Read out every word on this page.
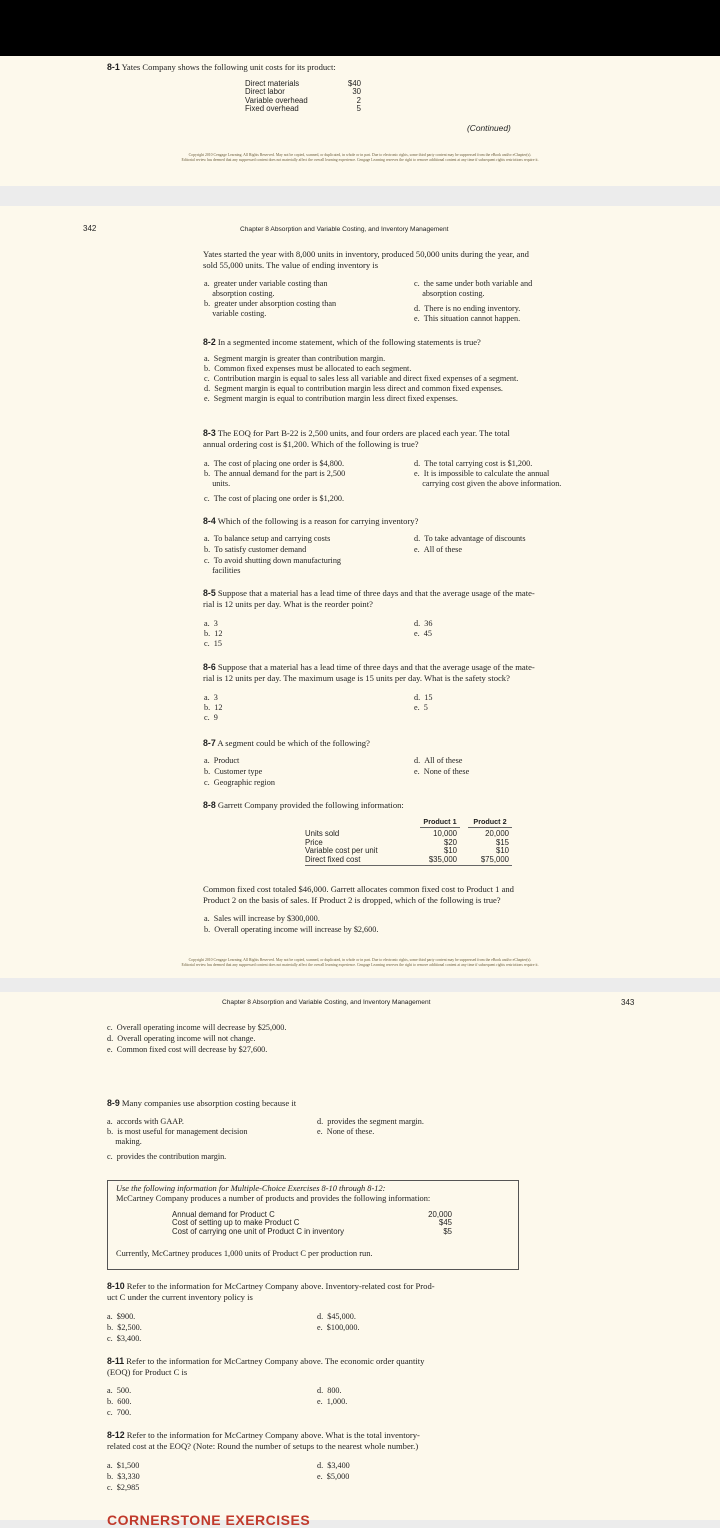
8-1 Yates Company shows the following unit costs for its product:
Direct materials	$40
Direct labor	30
Variable overhead	2
Fixed overhead	5
(Continued)
Copyright 2010 Cengage Learning. All Rights Reserved. May not be copied, scanned, or duplicated, in whole or in part. Due to electronic rights, some third party content may be suppressed from the eBook and/or eChapter(s).
Editorial review has deemed that any suppressed content does not materially affect the overall learning experience. Cengage Learning reserves the right to remove additional content at any time if subsequent rights restrictions require it.
342	Chapter 8 Absorption and Variable Costing, and Inventory Management
Yates started the year with 8,000 units in inventory, produced 50,000 units during the year, and
sold 55,000 units. The value of ending inventory is
a. greater under variable costing than
absorption costing.
b. greater under absorption costing than
variable costing.
c. the same under both variable and
absorption costing.
d. There is no ending inventory.
e. This situation cannot happen.
8-2 In a segmented income statement, which of the following statements is true?
a. Segment margin is greater than contribution margin.
b. Common fixed expenses must be allocated to each segment.
c. Contribution margin is equal to sales less all variable and direct fixed expenses of a segment.
d. Segment margin is equal to contribution margin less direct and common fixed expenses.
e. Segment margin is equal to contribution margin less direct fixed expenses.
8-3 The EOQ for Part B-22 is 2,500 units, and four orders are placed each year. The total
annual ordering cost is $1,200. Which of the following is true?
a.  The cost of placing one order is $4,800.
b.  The annual demand for the part is 2,500
units.
c.  The cost of placing one order is $1,200.
d.  The total carrying cost is $1,200.
e.  It is impossible to calculate the annual
carrying cost given the above information.
8-4 Which of the following is a reason for carrying inventory?
a.  To balance setup and carrying costs
b.  To satisfy customer demand
c.  To avoid shutting down manufacturing
facilities
d.  To take advantage of discounts
e.  All of these
8-5 Suppose that a material has a lead time of three days and that the average usage of the mate-
rial is 12 units per day. What is the reorder point?
a.  3
b.  12
c.  15
d.  36
e.  45
8-6 Suppose that a material has a lead time of three days and that the average usage of the mate-
rial is 12 units per day. The maximum usage is 15 units per day. What is the safety stock?
a.  3
b.  12
c.  9
d.  15
e.  5
8-7 A segment could be which of the following?
a.  Product
b.  Customer type
c.  Geographic region
d.  All of these
e.  None of these
8-8 Garrett Company provided the following information:
Product 1	Product 2
Units sold	10,000	20,000
Price	$20	$15
Variable cost per unit	$10	$10
Direct fixed cost	$35,000	$75,000
Common fixed cost totaled $46,000. Garrett allocates common fixed cost to Product 1 and
Product 2 on the basis of sales. If Product 2 is dropped, which of the following is true?
a.  Sales will increase by $300,000.
b.  Overall operating income will increase by $2,600.
Copyright 2010 Cengage Learning. All Rights Reserved. May not be copied, scanned, or duplicated, in whole or in part. Due to electronic rights, some third party content may be suppressed from the eBook and/or eChapter(s).
Editorial review has deemed that any suppressed content does not materially affect the overall learning experience. Cengage Learning reserves the right to remove additional content at any time if subsequent rights restrictions require it.
Chapter 8 Absorption and Variable Costing, and Inventory Management	343
c.  Overall operating income will decrease by $25,000.
d.  Overall operating income will not change.
e.  Common fixed cost will decrease by $27,600.
8-9 Many companies use absorption costing because it
a.  accords with GAAP.
b.  is most useful for management decision
making.
c.  provides the contribution margin.
d.  provides the segment margin.
e.  None of these.
Use the following information for Multiple-Choice Exercises 8-10 through 8-12:
McCartney Company produces a number of products and provides the following information:
Annual demand for Product C	20,000
Cost of setting up to make Product C	$45
Cost of carrying one unit of Product C in inventory	$5
Currently, McCartney produces 1,000 units of Product C per production run.
8-10 Refer to the information for McCartney Company above. Inventory-related cost for Prod-
uct C under the current inventory policy is
a.  $900.
b.  $2,500.
c.  $3,400.
d.  $45,000.
e.  $100,000.
8-11 Refer to the information for McCartney Company above. The economic order quantity
(EOQ) for Product C is
a.  500.
b.  600.
c.  700.
d.  800.
e.  1,000.
8-12 Refer to the information for McCartney Company above. What is the total inventory-
related cost at the EOQ? (Note: Round the number of setups to the nearest whole number.)
a.  $1,500
b.  $3,330
c.  $2,985
d.  $3,400
e.  $5,000
CORNERSTONE EXERCISES
